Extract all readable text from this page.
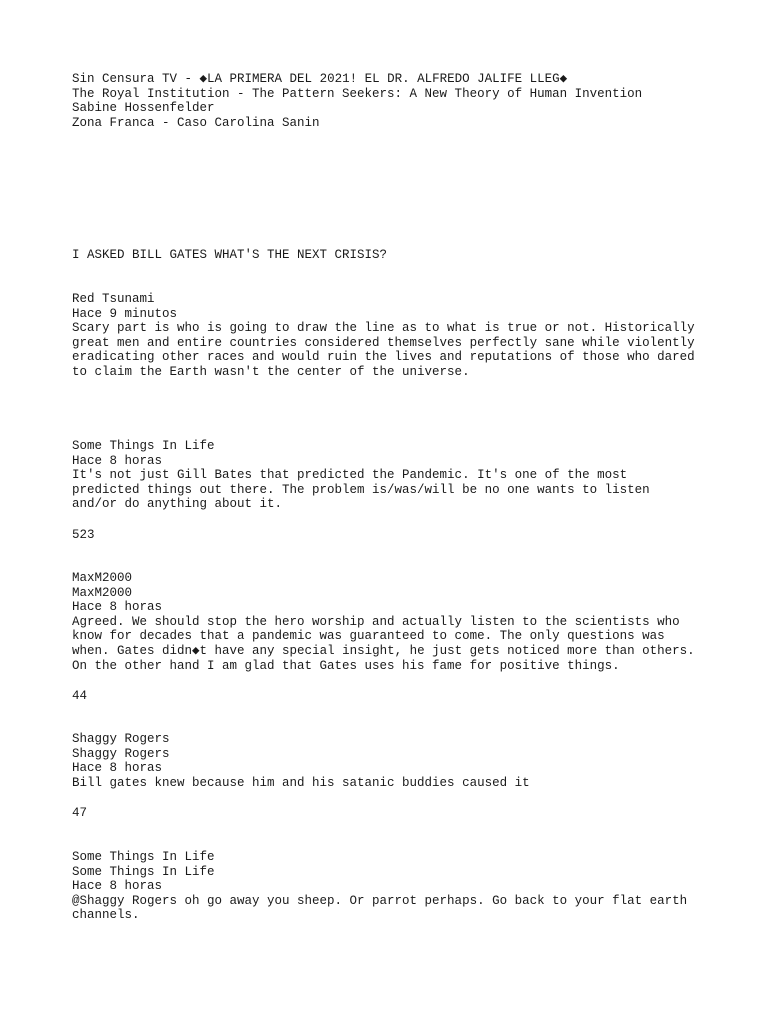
Sin Censura TV - ◆LA PRIMERA DEL 2021! EL DR. ALFREDO JALIFE LLEG◆
The Royal Institution - The Pattern Seekers: A New Theory of Human Invention
Sabine Hossenfelder
Zona Franca - Caso Carolina Sanin
I ASKED BILL GATES WHAT'S THE NEXT CRISIS?
Red Tsunami
Hace 9 minutos
Scary part is who is going to draw the line as to what is true or not. Historically
great men and entire countries considered themselves perfectly sane while violently
eradicating other races and would ruin the lives and reputations of those who dared
to claim the Earth wasn't the center of the universe.
Some Things In Life
Hace 8 horas
It's not just Gill Bates that predicted the Pandemic. It's one of the most
predicted things out there. The problem is/was/will be no one wants to listen
and/or do anything about it.
523
MaxM2000
MaxM2000
Hace 8 horas
Agreed. We should stop the hero worship and actually listen to the scientists who
know for decades that a pandemic was guaranteed to come. The only questions was
when. Gates didn◆t have any special insight, he just gets noticed more than others.
On the other hand I am glad that Gates uses his fame for positive things.
44
Shaggy Rogers
Shaggy Rogers
Hace 8 horas
Bill gates knew because him and his satanic buddies caused it
47
Some Things In Life
Some Things In Life
Hace 8 horas
@Shaggy Rogers oh go away you sheep. Or parrot perhaps. Go back to your flat earth
channels.
